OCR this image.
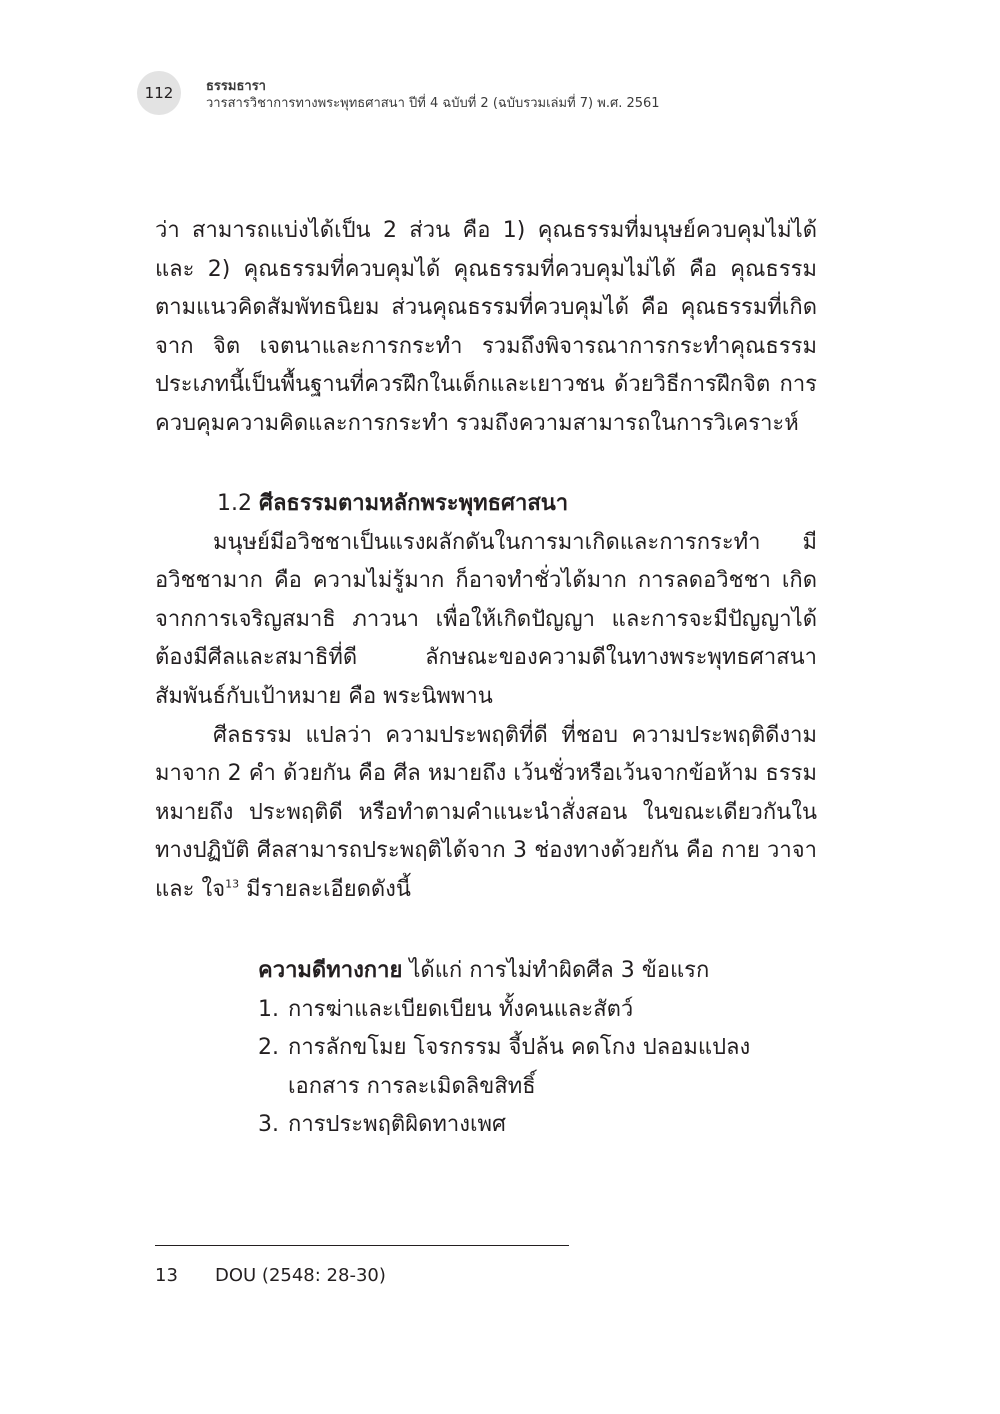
112	ธรรมธารา
วารสารวิชาการทางพระพุทธศาสนา ปีที่ 4 ฉบับที่ 2 (ฉบับรวมเล่มที่ 7) พ.ศ. 2561

ว่า สามารถแบ่งได้เป็น 2 ส่วน คือ 1) คุณธรรมที่มนุษย์ควบคุมไม่ได้ และ 2) คุณธรรมที่ควบคุมได้ คุณธรรมที่ควบคุมไม่ได้ คือ คุณธรรมตามแนวคิดสัมพัทธนิยม ส่วนคุณธรรมที่ควบคุมได้ คือ คุณธรรมที่เกิดจาก จิต เจตนาและการกระทำ รวมถึงพิจารณาการกระทำคุณธรรมประเภทนี้เป็นพื้นฐานที่ควรฝึกในเด็กและเยาวชน ด้วยวิธีการฝึกจิต การควบคุมความคิดและการกระทำ รวมถึงความสามารถในการวิเคราะห์

1.2 ศีลธรรมตามหลักพระพุทธศาสนา

มนุษย์มีอวิชชาเป็นแรงผลักดันในการมาเกิดและการกระทำ มีอวิชชามาก คือ ความไม่รู้มาก ก็อาจทำชั่วได้มาก การลดอวิชชา เกิดจากการเจริญสมาธิ ภาวนา เพื่อให้เกิดปัญญา และการจะมีปัญญาได้ต้องมีศีลและสมาธิที่ดี ลักษณะของความดีในทางพระพุทธศาสนาสัมพันธ์กับเป้าหมาย คือ พระนิพพาน

ศีลธรรม แปลว่า ความประพฤติที่ดี ที่ชอบ ความประพฤติดีงาม มาจาก 2 คำ ด้วยกัน คือ ศีล หมายถึง เว้นชั่วหรือเว้นจากข้อห้าม ธรรม หมายถึง ประพฤติดี หรือทำตามคำแนะนำสั่งสอน ในขณะเดียวกันในทางปฏิบัติ ศีลสามารถประพฤติได้จาก 3 ช่องทางด้วยกัน คือ กาย วาจา และ ใจ$^{13}$ มีรายละเอียดดังนี้

ความดีทางกาย ได้แก่ การไม่ทำผิดศีล 3 ข้อแรก

1. การฆ่าและเบียดเบียน ทั้งคนและสัตว์
2. การลักขโมย โจรกรรม จี้ปล้น คดโกง ปลอมแปลงเอกสาร การละเมิดลิขสิทธิ์
3. การประพฤติผิดทางเพศ
13	DOU (2548: 28-30)
